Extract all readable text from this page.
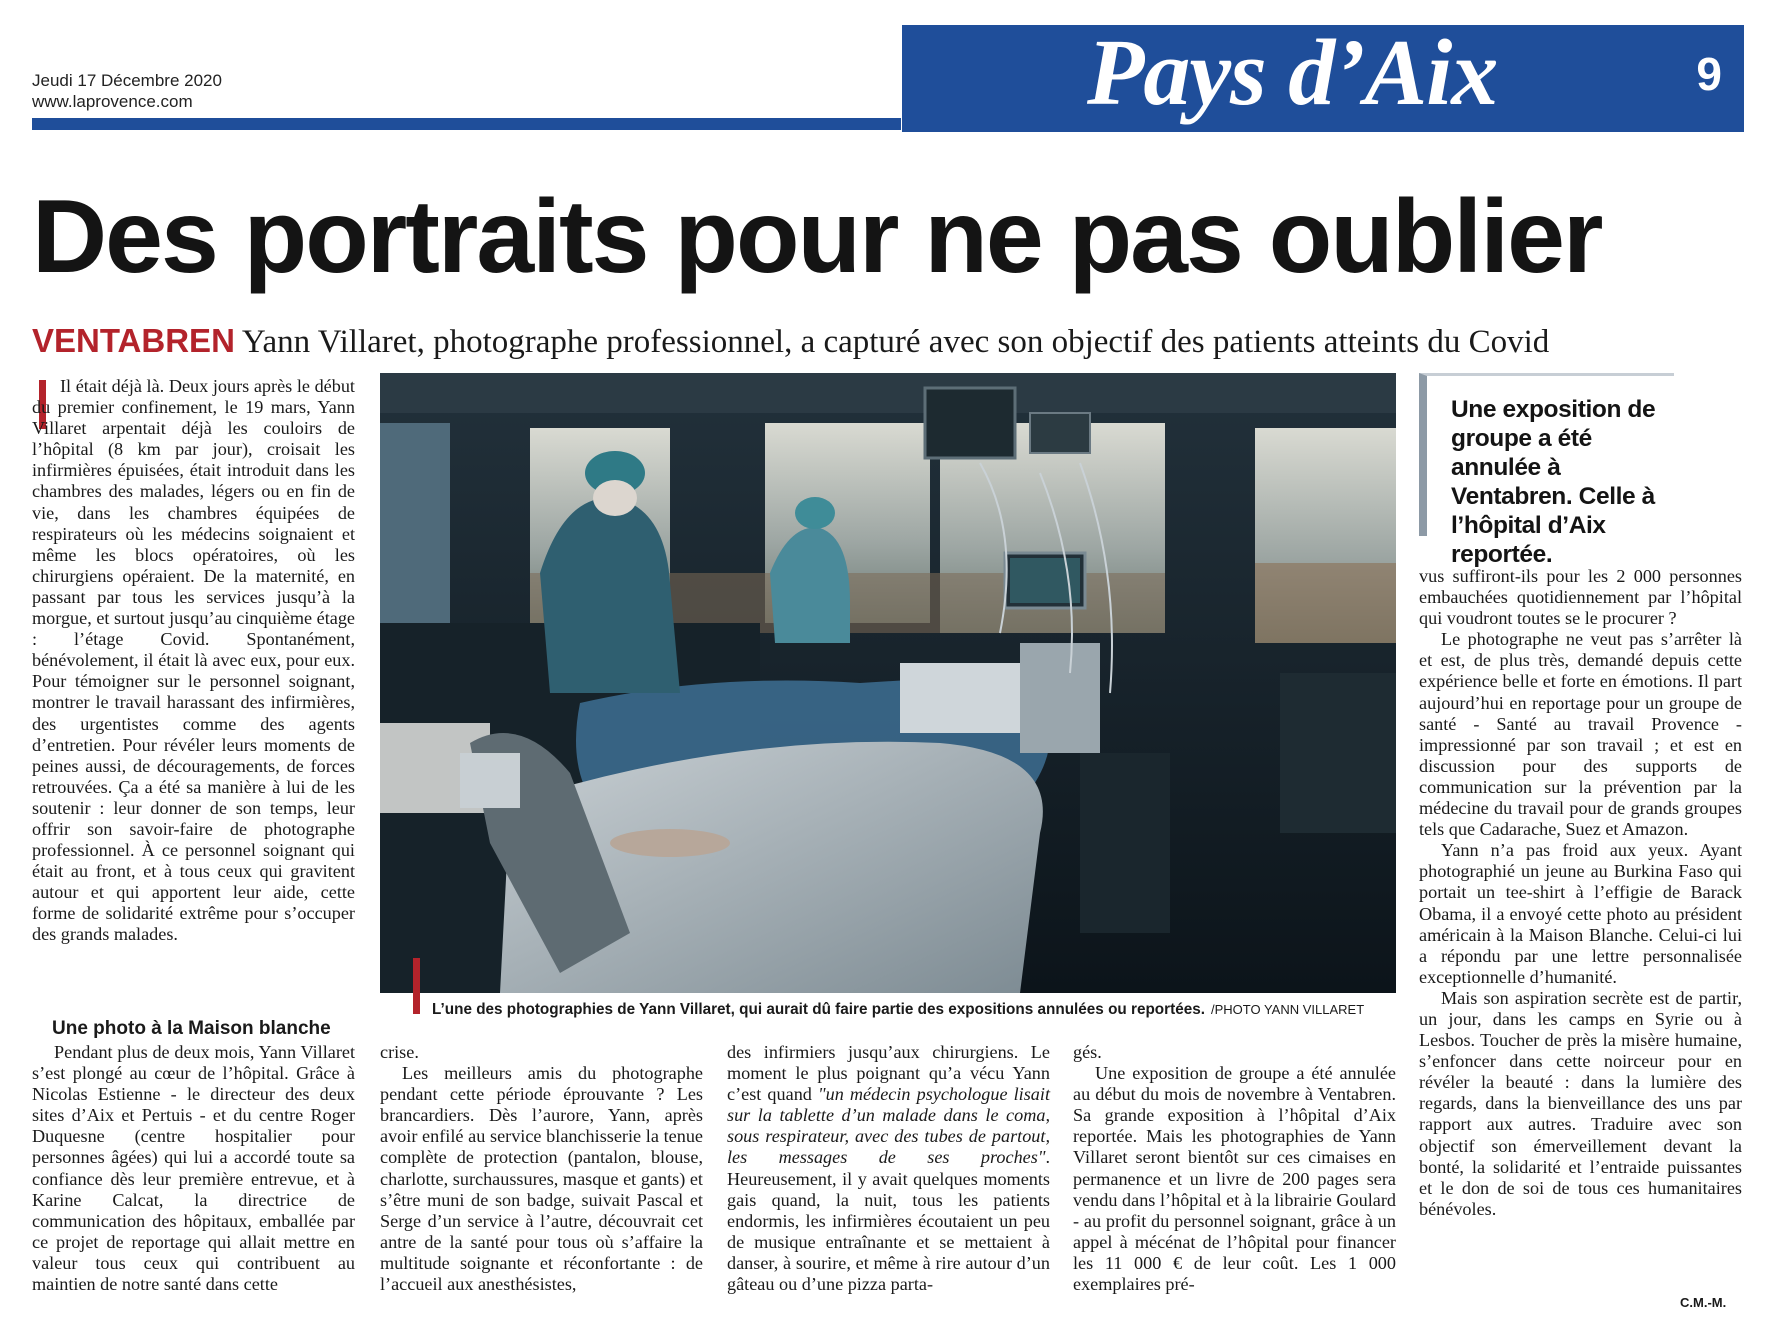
Jeudi 17 Décembre 2020
www.laprovence.com	Pays d’Aix	9
Des portraits pour ne pas oublier
VENTABREN Yann Villaret, photographe professionnel, a capturé avec son objectif des patients atteints du Covid

Il était déjà là. Deux jours après le début du premier confinement, le 19 mars, Yann Villaret arpentait déjà les couloirs de l’hôpital (8 km par jour), croisait les infirmières épuisées, était introduit dans les chambres des malades, légers ou en fin de vie, dans les chambres équipées de respirateurs où les médecins soignaient et même les blocs opératoires, où les chirurgiens opéraient. De la maternité, en passant par tous les services jusqu’à la morgue, et surtout jusqu’au cinquième étage : l’étage Covid. Spontanément, bénévolement, il était là avec eux, pour eux. Pour témoigner sur le personnel soignant, montrer le travail harassant des infirmières, des urgentistes comme des agents d’entretien. Pour révéler leurs moments de peines aussi, de découragements, de forces retrouvées. Ça a été sa manière à lui de les soutenir : leur donner de son temps, leur offrir son savoir-faire de photographe professionnel. À ce personnel soignant qui était au front, et à tous ceux qui gravitent autour et qui apportent leur aide, cette forme de solidarité extrême pour s’occuper des grands malades.

Une photo à la Maison blanche

Pendant plus de deux mois, Yann Villaret s’est plongé au cœur de l’hôpital. Grâce à Nicolas Estienne - le directeur des deux sites d’Aix et Pertuis - et du centre Roger Duquesne (centre hospitalier pour personnes âgées) qui lui a accordé toute sa confiance dès leur première entrevue, et à Karine Calcat, la directrice de communication des hôpitaux, emballée par ce projet de reportage qui allait mettre en valeur tous ceux qui contribuent au maintien de notre santé dans cette

L’une des photographies de Yann Villaret, qui aurait dû faire partie des expositions annulées ou reportées. /PHOTO YANN VILLARET

crise.

Les meilleurs amis du photographe pendant cette période éprouvante ? Les brancardiers. Dès l’aurore, Yann, après avoir enfilé au service blanchisserie la tenue complète de protection (pantalon, blouse, charlotte, surchaussures, masque et gants) et s’être muni de son badge, suivait Pascal et Serge d’un service à l’autre, découvrait cet antre de la santé pour tous où s’affaire la multitude soignante et réconfortante : de l’accueil aux anesthésistes,

des infirmiers jusqu’aux chirurgiens. Le moment le plus poignant qu’a vécu Yann c’est quand "un médecin psychologue lisait sur la tablette d’un malade dans le coma, sous respirateur, avec des tubes de partout, les messages de ses proches". Heureusement, il y avait quelques moments gais quand, la nuit, tous les patients endormis, les infirmières écoutaient un peu de musique entraînante et se mettaient à danser, à sourire, et même à rire autour d’un gâteau ou d’une pizza parta-

gés.

Une exposition de groupe a été annulée au début du mois de novembre à Ventabren. Sa grande exposition à l’hôpital d’Aix reportée. Mais les photographies de Yann Villaret seront bientôt sur ces cimaises en permanence et un livre de 200 pages sera vendu dans l’hôpital et à la librairie Goulard - au profit du personnel soignant, grâce à un appel à mécénat de l’hôpital pour financer les 11 000 € de leur coût. Les 1 000 exemplaires pré-

Une exposition de groupe a été annulée à Ventabren. Celle à l’hôpital d’Aix reportée.

vus suffiront-ils pour les 2 000 personnes embauchées quotidiennement par l’hôpital qui voudront toutes se le procurer ?

Le photographe ne veut pas s’arrêter là et est, de plus très, demandé depuis cette expérience belle et forte en émotions. Il part aujourd’hui en reportage pour un groupe de santé - Santé au travail Provence - impressionné par son travail ; et est en discussion pour des supports de communication sur la prévention par la médecine du travail pour de grands groupes tels que Cadarache, Suez et Amazon.

Yann n’a pas froid aux yeux. Ayant photographié un jeune au Burkina Faso qui portait un tee-shirt à l’effigie de Barack Obama, il a envoyé cette photo au président américain à la Maison Blanche. Celui-ci lui a répondu par une lettre personnalisée exceptionnelle d’humanité.

Mais son aspiration secrète est de partir, un jour, dans les camps en Syrie ou à Lesbos. Toucher de près la misère humaine, s’enfoncer dans cette noirceur pour en révéler la beauté : dans la lumière des regards, dans la bienveillance des uns par rapport aux autres. Traduire avec son objectif son émerveillement devant la bonté, la solidarité et l’entraide puissantes et le don de soi de tous ces humanitaires bénévoles.

C.M.-M.
